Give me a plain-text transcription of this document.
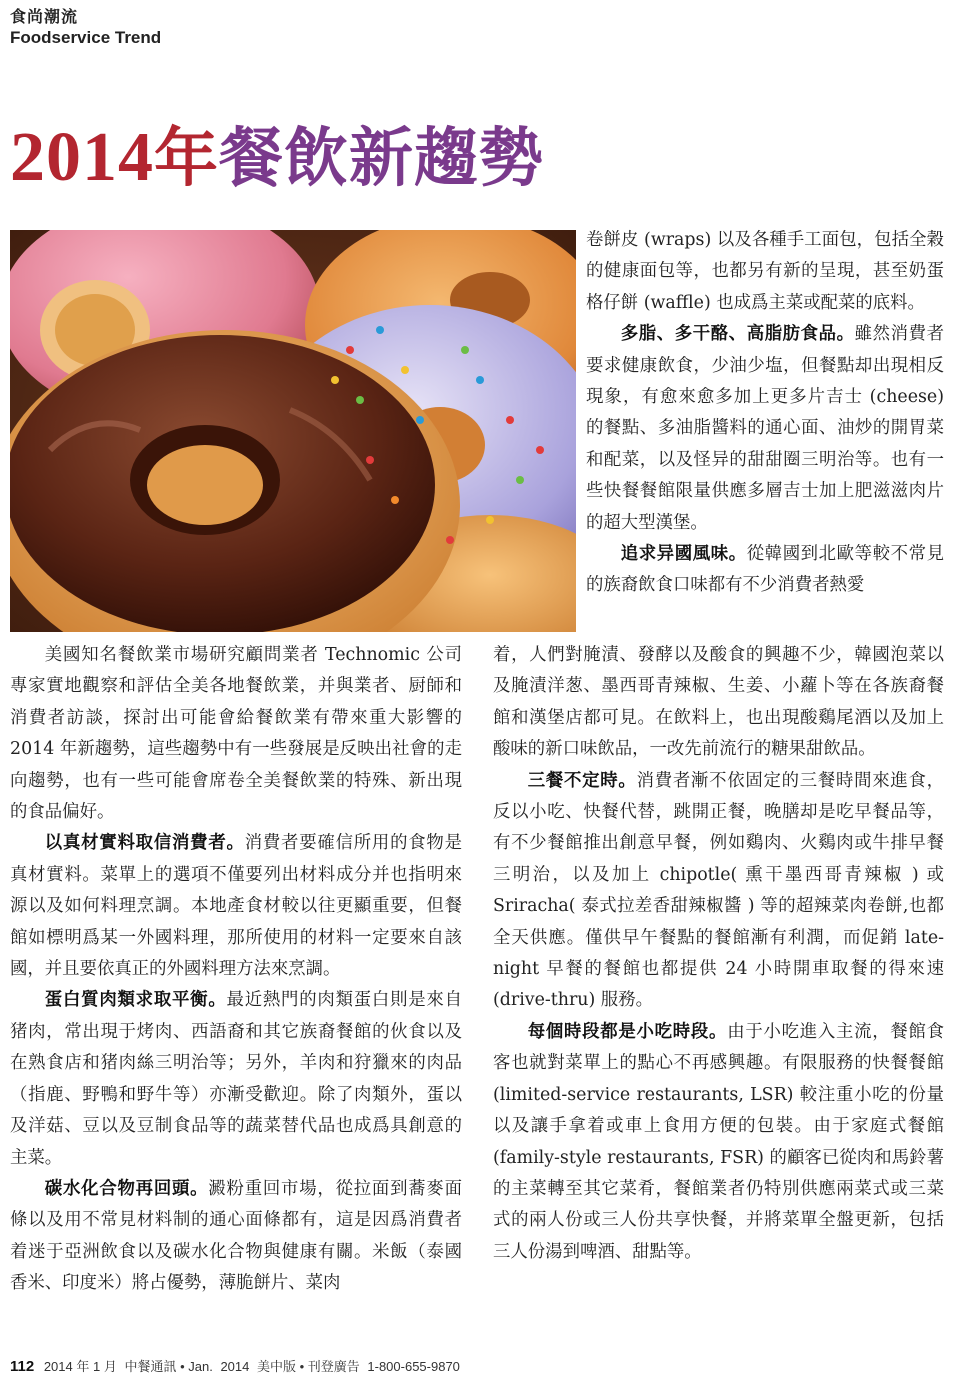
食尚潮流
Foodservice Trend
2014年餐飲新趨勢

卷餅皮 (wraps) 以及各種手工面包，包括全穀的健康面包等，也都另有新的呈現，甚至奶蛋格仔餅 (waffle) 也成爲主菜或配菜的底料。

多脂、多干酪、高脂肪食品。雖然消費者要求健康飲食，少油少塩，但餐點却出現相反現象，有愈來愈多加上更多片吉士 (cheese) 的餐點、多油脂醬料的通心面、油炒的開胃菜和配菜，以及怪异的甜甜圈三明治等。也有一些快餐餐館限量供應多層吉士加上肥滋滋肉片的超大型漢堡。

追求异國風味。從韓國到北歐等較不常見的族裔飲食口味都有不少消費者熱愛

美國知名餐飲業市場研究顧問業者 Technomic 公司專家實地觀察和評估全美各地餐飲業，并與業者、厨師和消費者訪談，探討出可能會給餐飲業有帶來重大影響的 2014 年新趨勢，這些趨勢中有一些發展是反映出社會的走向趨勢，也有一些可能會席卷全美餐飲業的特殊、新出現的食品偏好。

以真材實料取信消費者。消費者要確信所用的食物是真材實料。菜單上的選項不僅要列出材料成分并也指明來源以及如何料理烹調。本地產食材較以往更顯重要，但餐館如標明爲某一外國料理，那所使用的材料一定要來自該國，并且要依真正的外國料理方法來烹調。

蛋白質肉類求取平衡。最近熱門的肉類蛋白則是來自猪肉，常出現于烤肉、西語裔和其它族裔餐館的伙食以及在熟食店和猪肉絲三明治等；另外，羊肉和狩獵來的肉品（指鹿、野鴨和野牛等）亦漸受歡迎。除了肉類外，蛋以及洋菇、豆以及豆制食品等的蔬菜替代品也成爲具創意的主菜。

碳水化合物再回頭。澱粉重回市場，從拉面到蕎麥面條以及用不常見材料制的通心面條都有，這是因爲消費者着迷于亞洲飲食以及碳水化合物與健康有關。米飯（泰國香米、印度米）將占優勢，薄脆餅片、菜肉

着，人們對腌漬、發酵以及酸食的興趣不少，韓國泡菜以及腌漬洋葱、墨西哥青辣椒、生姜、小蘿卜等在各族裔餐館和漢堡店都可見。在飲料上，也出現酸鷄尾酒以及加上酸味的新口味飲品，一改先前流行的糖果甜飲品。

三餐不定時。消費者漸不依固定的三餐時間來進食，反以小吃、快餐代替，跳開正餐，晚膳却是吃早餐品等，有不少餐館推出創意早餐，例如鷄肉、火鷄肉或牛排早餐三明治，以及加上 chipotle( 熏干墨西哥青辣椒 ) 或 Sriracha( 泰式拉差香甜辣椒醬 ) 等的超辣菜肉卷餅,也都全天供應。僅供早午餐點的餐館漸有利潤，而促銷 late-night 早餐的餐館也都提供 24 小時開車取餐的得來速 (drive-thru) 服務。

每個時段都是小吃時段。由于小吃進入主流，餐館食客也就對菜單上的點心不再感興趣。有限服務的快餐餐館 (limited-service restaurants, LSR) 較注重小吃的份量以及讓手拿着或車上食用方便的包裝。由于家庭式餐館 (family-style restaurants, FSR) 的顧客已從肉和馬鈴薯的主菜轉至其它菜肴，餐館業者仍特別供應兩菜式或三菜式的兩人份或三人份共享快餐，并將菜單全盤更新，包括三人份湯到啤酒、甜點等。

112 2014 年 1 月 中餐通訊 • Jan. 2014 美中版 • 刊登廣告 1-800-655-9870
